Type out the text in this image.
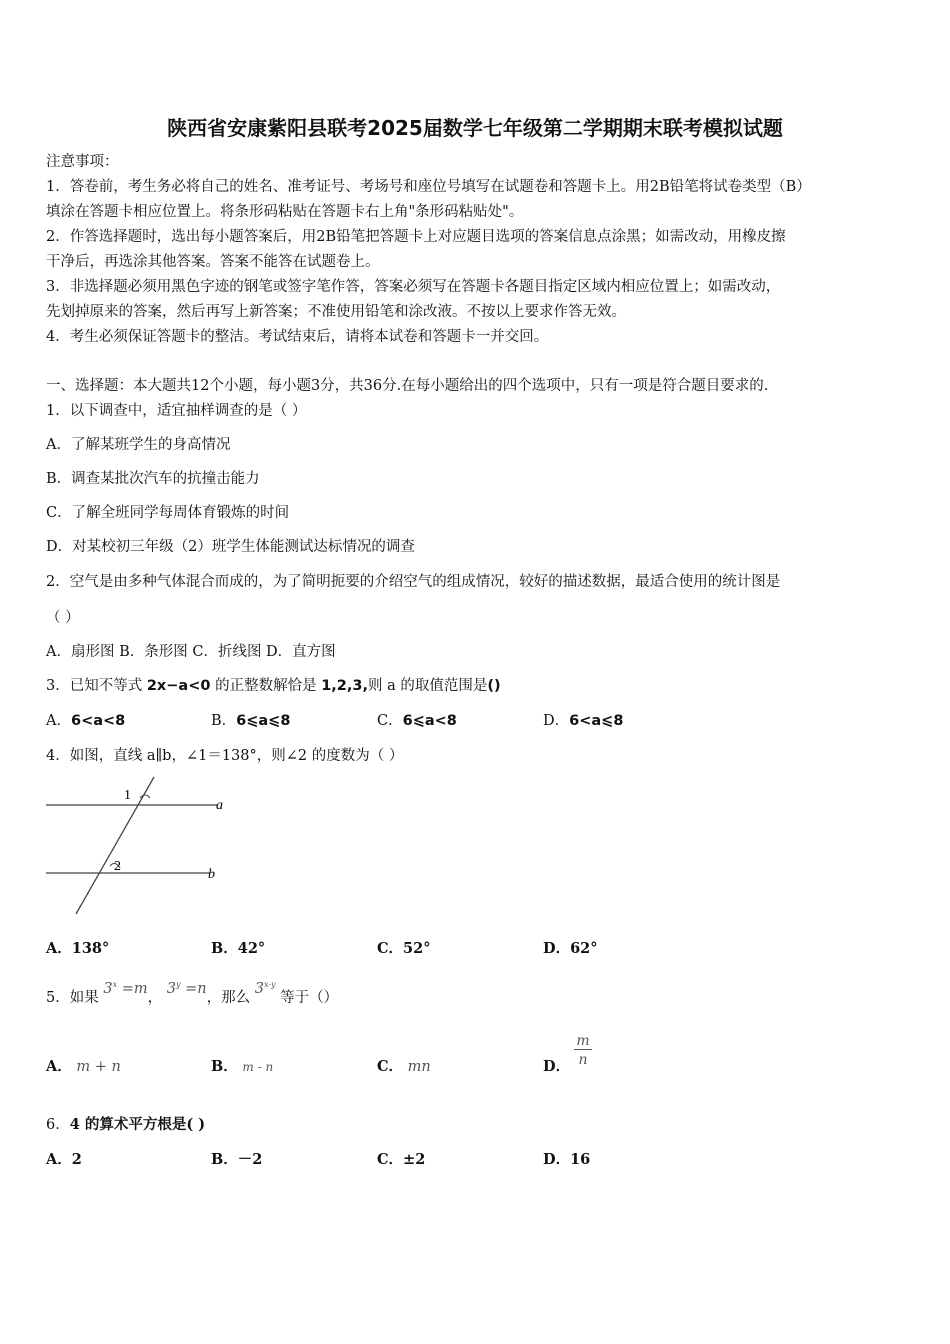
陕西省安康紫阳县联考2025届数学七年级第二学期期末联考模拟试题
注意事项：
1．答卷前，考生务必将自己的姓名、准考证号、考场号和座位号填写在试题卷和答题卡上。用2B铅笔将试卷类型（B）
填涂在答题卡相应位置上。将条形码粘贴在答题卡右上角"条形码粘贴处"。
2．作答选择题时，选出每小题答案后，用2B铅笔把答题卡上对应题目选项的答案信息点涂黑；如需改动，用橡皮擦
干净后，再选涂其他答案。答案不能答在试题卷上。
3．非选择题必须用黑色字迹的钢笔或签字笔作答，答案必须写在答题卡各题目指定区域内相应位置上；如需改动，
先划掉原来的答案，然后再写上新答案；不准使用铅笔和涂改液。不按以上要求作答无效。
4．考生必须保证答题卡的整洁。考试结束后，请将本试卷和答题卡一并交回。
一、选择题：本大题共12个小题，每小题3分，共36分.在每小题给出的四个选项中，只有一项是符合题目要求的.
1．以下调查中，适宜抽样调查的是（ ）
A．了解某班学生的身高情况
B．调查某批次汽车的抗撞击能力
C．了解全班同学每周体育锻炼的时间
D．对某校初三年级（2）班学生体能测试达标情况的调查
2．空气是由多种气体混合而成的，为了简明扼要的介绍空气的组成情况，较好的描述数据，最适合使用的统计图是
（ ）
A．扇形图 B．条形图 C．折线图 D．直方图
3．已知不等式 2x−a<0 的正整数解恰是 1,2,3,则 a 的取值范围是()
A．6<a<8	B．6⩽a⩽8	C．6⩽a<8	D．6<a⩽8
4．如图，直线 a∥b，∠1＝138°，则∠2 的度数为（ ）
1
2
a
b
A．138°	B．42°	C．52°	D．62°
5．如果 $3^x =m$， $3^y =n$，那么 3$^{x-y}$ 等于（）
A． m + n	B． m - n	C． mn	D． $\frac{m}{n}$
6．4 的算术平方根是( )
A．2	B．－2	C．±2	D．16
